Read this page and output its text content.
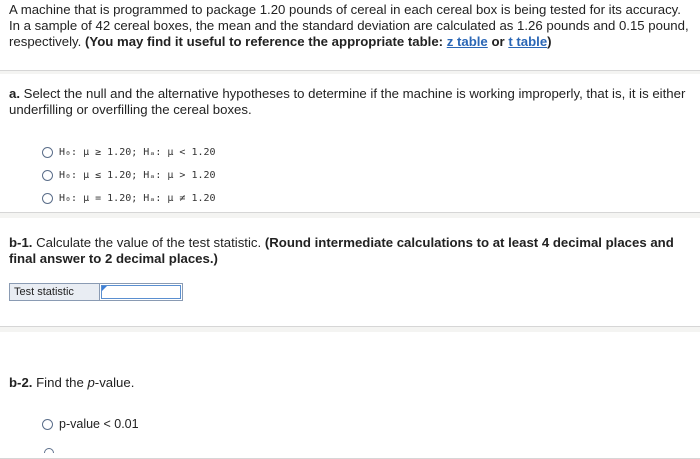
A machine that is programmed to package 1.20 pounds of cereal in each cereal box is being tested for its accuracy. In a sample of 42 cereal boxes, the mean and the standard deviation are calculated as 1.26 pounds and 0.15 pound, respectively. (You may find it useful to reference the appropriate table: z table or t table)
a. Select the null and the alternative hypotheses to determine if the machine is working improperly, that is, it is either underfilling or overfilling the cereal boxes.
H₀: μ ≥ 1.20; Hₐ: μ < 1.20
H₀: μ ≤ 1.20; Hₐ: μ > 1.20
H₀: μ = 1.20; Hₐ: μ ≠ 1.20
b-1. Calculate the value of the test statistic. (Round intermediate calculations to at least 4 decimal places and final answer to 2 decimal places.)
Test statistic
b-2. Find the p-value.
p-value < 0.01
